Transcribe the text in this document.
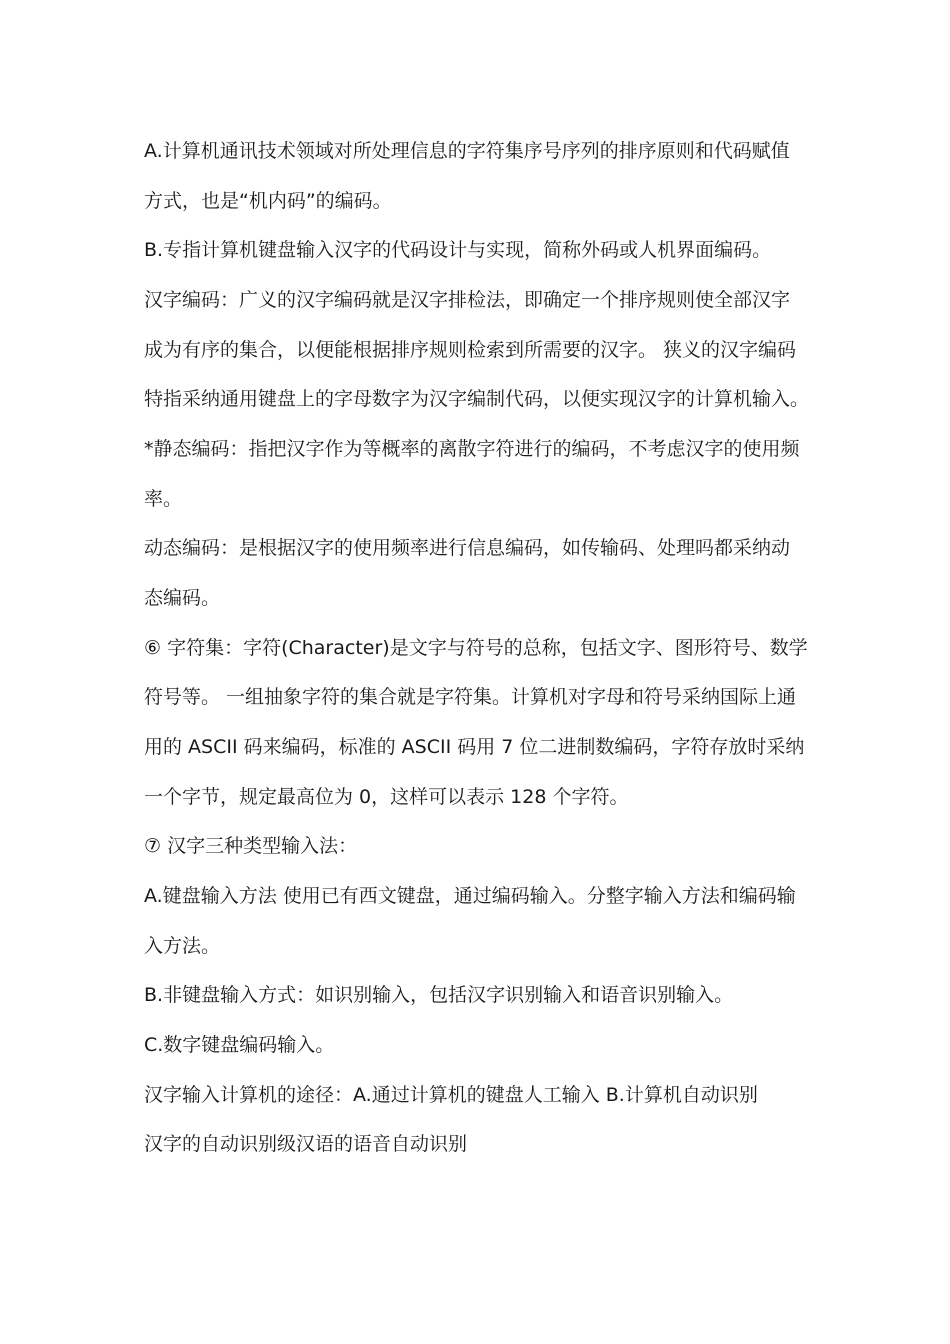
A.计算机通讯技术领域对所处理信息的字符集序号序列的排序原则和代码赋值
方式，也是“机内码”的编码。
B.专指计算机键盘输入汉字的代码设计与实现，简称外码或人机界面编码。
汉字编码：广义的汉字编码就是汉字排检法，即确定一个排序规则使全部汉字
成为有序的集合，以便能根据排序规则检索到所需要的汉字。 狭义的汉字编码
特指采纳通用键盘上的字母数字为汉字编制代码，以便实现汉字的计算机输入。
*静态编码：指把汉字作为等概率的离散字符进行的编码，不考虑汉字的使用频
率。
动态编码：是根据汉字的使用频率进行信息编码，如传输码、处理吗都采纳动
态编码。
⑥ 字符集：字符(Character)是文字与符号的总称，包括文字、图形符号、数学
符号等。 一组抽象字符的集合就是字符集。计算机对字母和符号采纳国际上通
用的 ASCII 码来编码，标准的 ASCII 码用 7 位二进制数编码，字符存放时采纳
一个字节，规定最高位为 0，这样可以表示 128 个字符。
⑦ 汉字三种类型输入法：
A.键盘输入方法 使用已有西文键盘，通过编码输入。分整字输入方法和编码输
入方法。
B.非键盘输入方式：如识别输入，包括汉字识别输入和语音识别输入。
C.数字键盘编码输入。
汉字输入计算机的途径：A.通过计算机的键盘人工输入 B.计算机自动识别
汉字的自动识别级汉语的语音自动识别
